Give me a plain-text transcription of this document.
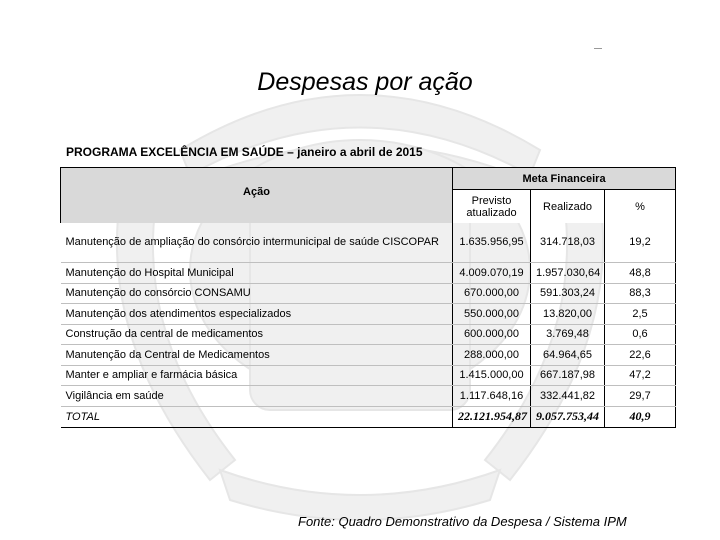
Despesas por ação
PROGRAMA EXCELÊNCIA EM SAÚDE – janeiro a abril de 2015
Ação	Meta Financeira		
	Previsto atualizado	Realizado	%
Manutenção de ampliação do consórcio intermunicipal de saúde CISCOPAR	1.635.956,95	314.718,03	19,2
Manutenção do Hospital Municipal	4.009.070,19	1.957.030,64	48,8
Manutenção do consórcio CONSAMU	670.000,00	591.303,24	88,3
Manutenção dos atendimentos especializados	550.000,00	13.820,00	2,5
Construção da central de medicamentos	600.000,00	3.769,48	0,6
Manutenção da Central de Medicamentos	288.000,00	64.964,65	22,6
Manter e ampliar e farmácia básica	1.415.000,00	667.187,98	47,2
Vigilância em saúde	1.117.648,16	332.441,82	29,7
TOTAL	22.121.954,87	9.057.753,44	40,9
Fonte: Quadro Demonstrativo da Despesa / Sistema IPM
